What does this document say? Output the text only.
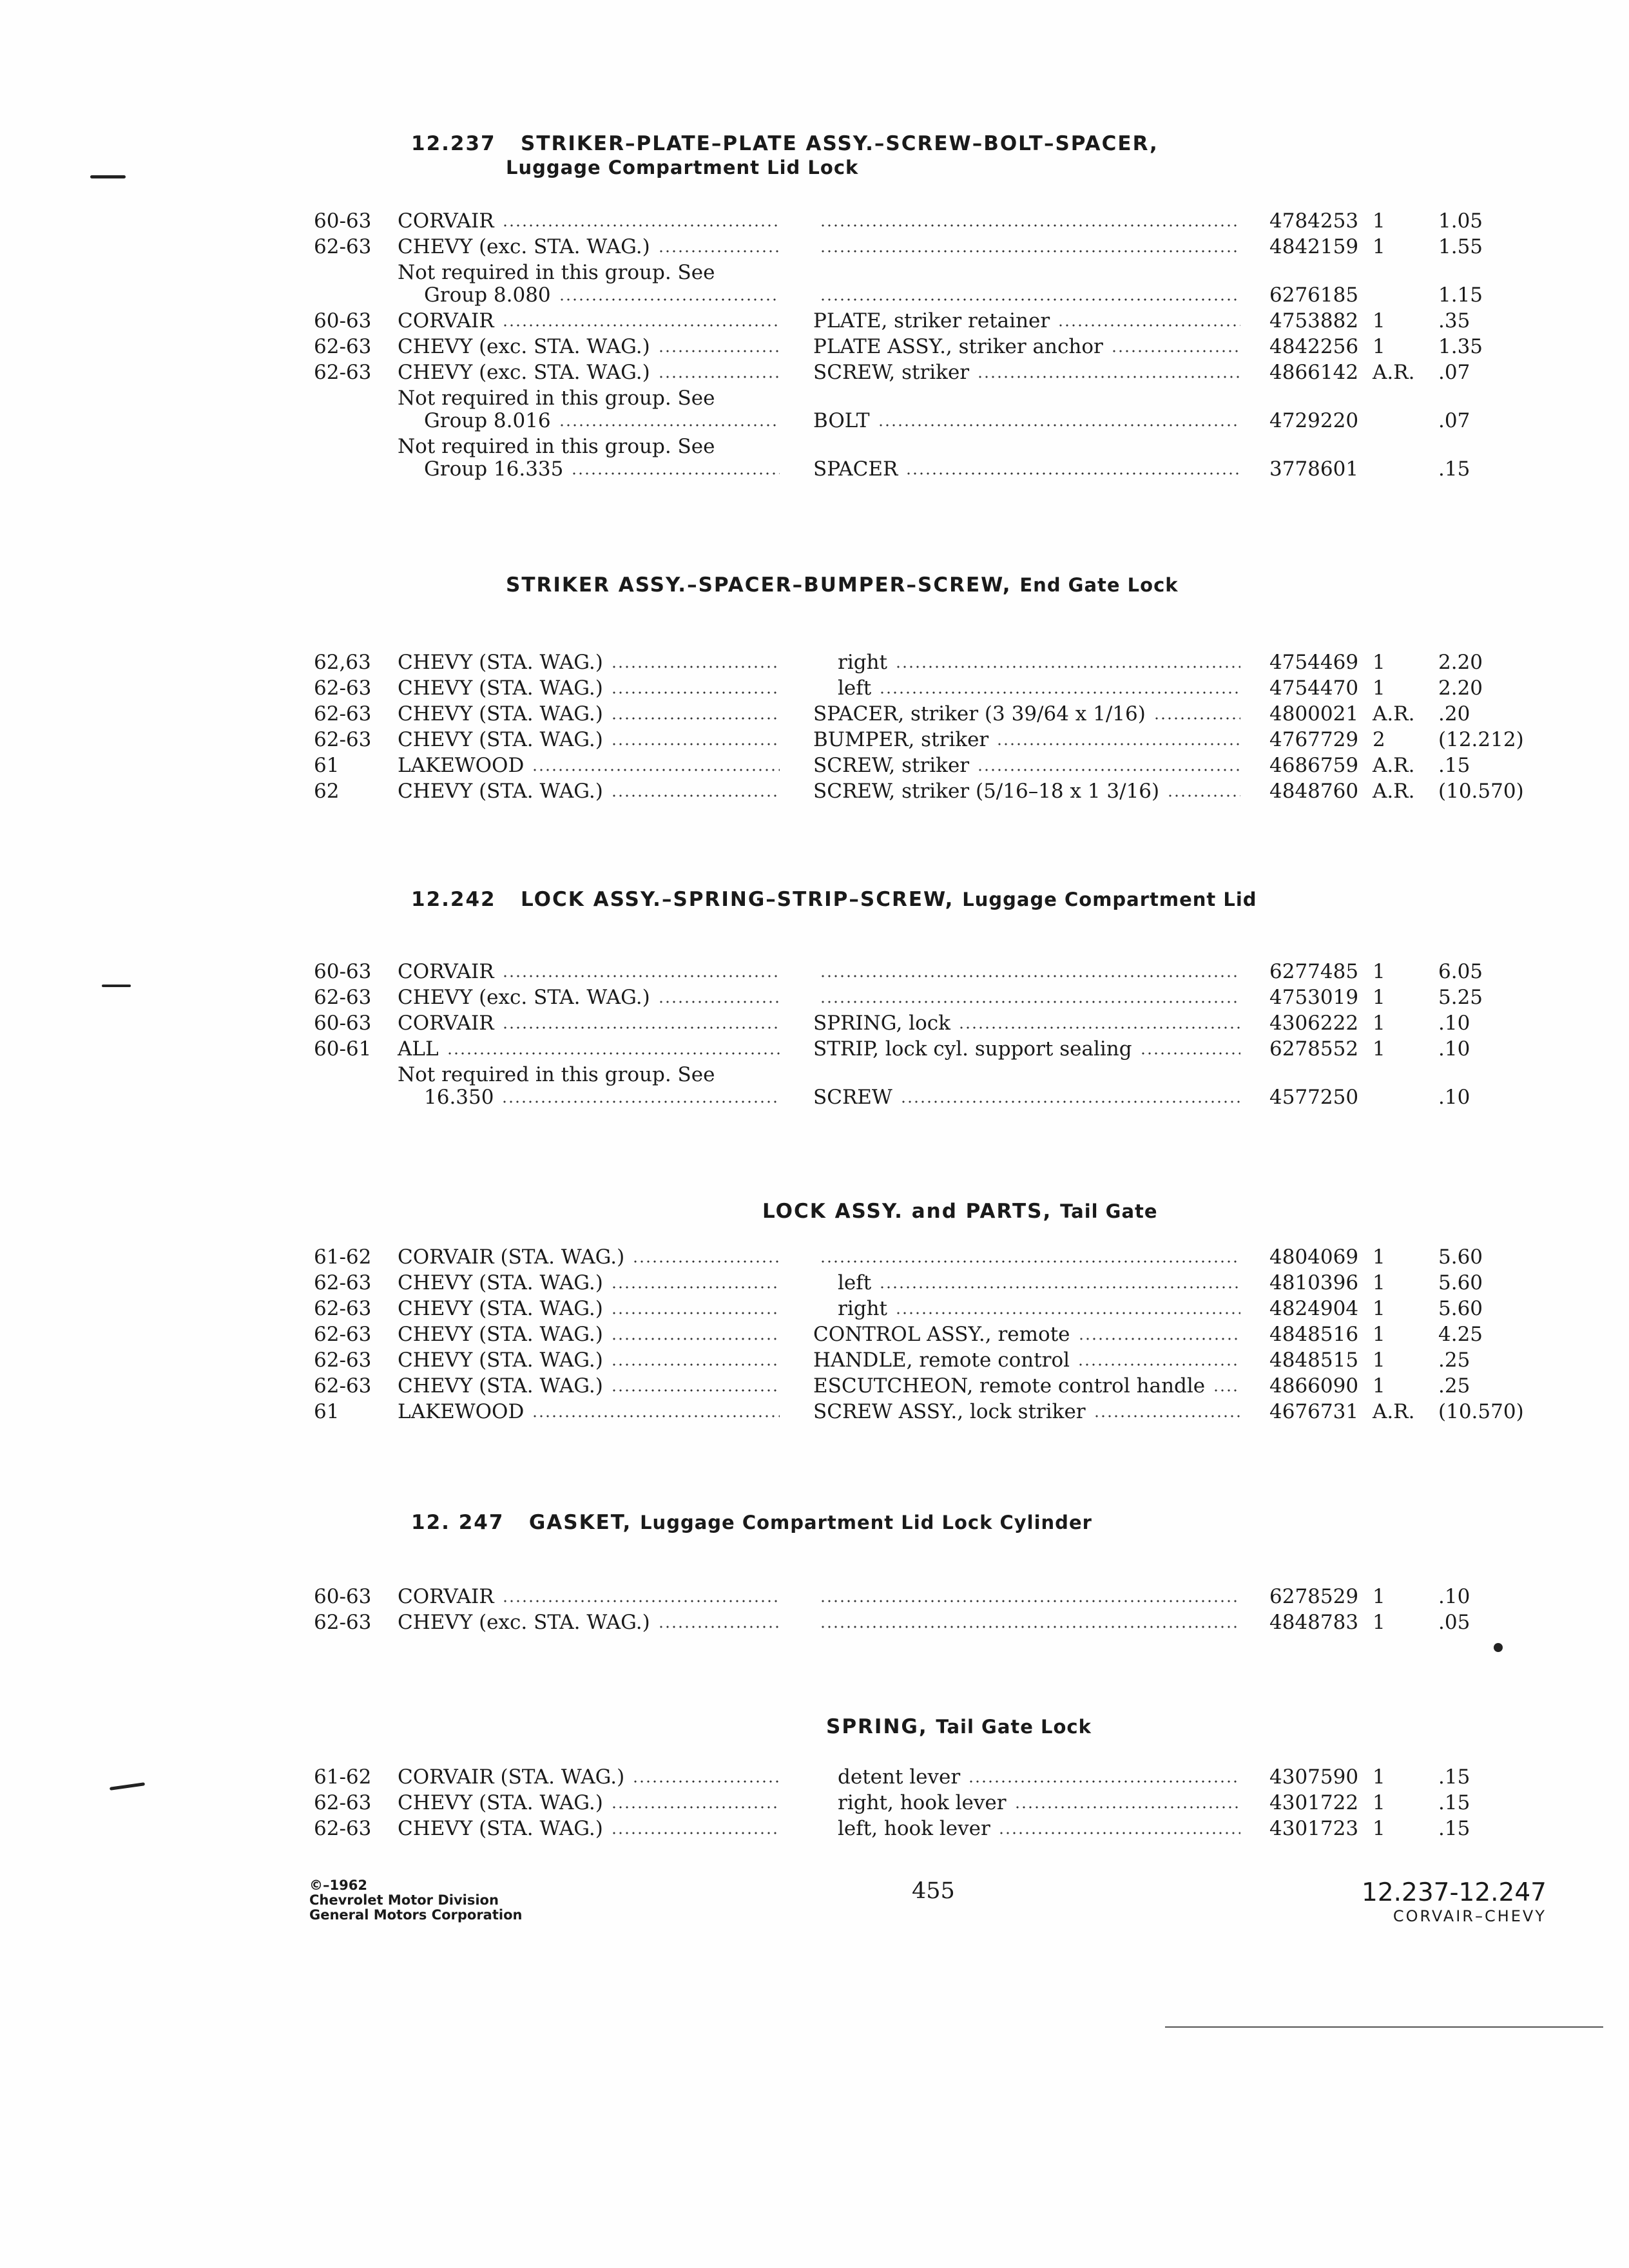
12.237 STRIKER–PLATE–PLATE ASSY.–SCREW–BOLT–SPACER,
Luggage Compartment Lid Lock
60-63 CORVAIR	4784253 1	1.05
62-63 CHEVY (exc. STA. WAG.)	4842159 1	1.55
Not required in this group. See
Group 8.080	6276185	1.15
60-63 CORVAIR	PLATE, striker retainer	4753882 1	.35
62-63 CHEVY (exc. STA. WAG.)	PLATE ASSY., striker anchor	4842256 1	1.35
62-63 CHEVY (exc. STA. WAG.)	SCREW, striker	4866142 A.R. .07
Not required in this group. See
Group 8.016	BOLT	4729220	.07
Not required in this group. See
Group 16.335	SPACER	3778601	.15
STRIKER ASSY.–SPACER–BUMPER–SCREW, End Gate Lock
62,63 CHEVY (STA. WAG.)	right	4754469 1	2.20
62-63 CHEVY (STA. WAG.)	left	4754470 1	2.20
62-63 CHEVY (STA. WAG.)	SPACER, striker (3 39/64 x 1/16)	4800021 A.R. .20
62-63 CHEVY (STA. WAG.)	BUMPER, striker	4767729 2	(12.212)
61	LAKEWOOD	SCREW, striker	4686759 A.R. .15
62	CHEVY (STA. WAG.)	SCREW, striker (5/16–18 x 1 3/16)	4848760 A.R. (10.570)
12.242 LOCK ASSY.–SPRING–STRIP–SCREW, Luggage Compartment Lid
60-63 CORVAIR	6277485 1	6.05
62-63 CHEVY (exc. STA. WAG.)	4753019 1	5.25
60-63 CORVAIR	SPRING, lock	4306222 1	.10
60-61 ALL	STRIP, lock cyl. support sealing	6278552 1	.10
Not required in this group. See
16.350	SCREW	4577250	.10
LOCK ASSY. and PARTS, Tail Gate
61-62 CORVAIR (STA. WAG.)	4804069 1	5.60
62-63 CHEVY (STA. WAG.)	left	4810396 1	5.60
62-63 CHEVY (STA. WAG.)	right	4824904 1	5.60
62-63 CHEVY (STA. WAG.)	CONTROL ASSY., remote	4848516 1	4.25
62-63 CHEVY (STA. WAG.)	HANDLE, remote control	4848515 1	.25
62-63 CHEVY (STA. WAG.)	ESCUTCHEON, remote control handle	4866090 1	.25
61	LAKEWOOD	SCREW ASSY., lock striker	4676731 A.R. (10.570)
12. 247 GASKET, Luggage Compartment Lid Lock Cylinder
60-63 CORVAIR	6278529 1	.10
62-63 CHEVY (exc. STA. WAG.)	4848783 1	.05
SPRING, Tail Gate Lock
61-62 CORVAIR (STA. WAG.)	detent lever	4307590 1	.15
62-63 CHEVY (STA. WAG.)	right, hook lever	4301722 1	.15
62-63 CHEVY (STA. WAG.)	left, hook lever	4301723 1	.15
©–1962
Chevrolet Motor Division
General Motors Corporation
455	12.237-12.247
CORVAIR–CHEVY
